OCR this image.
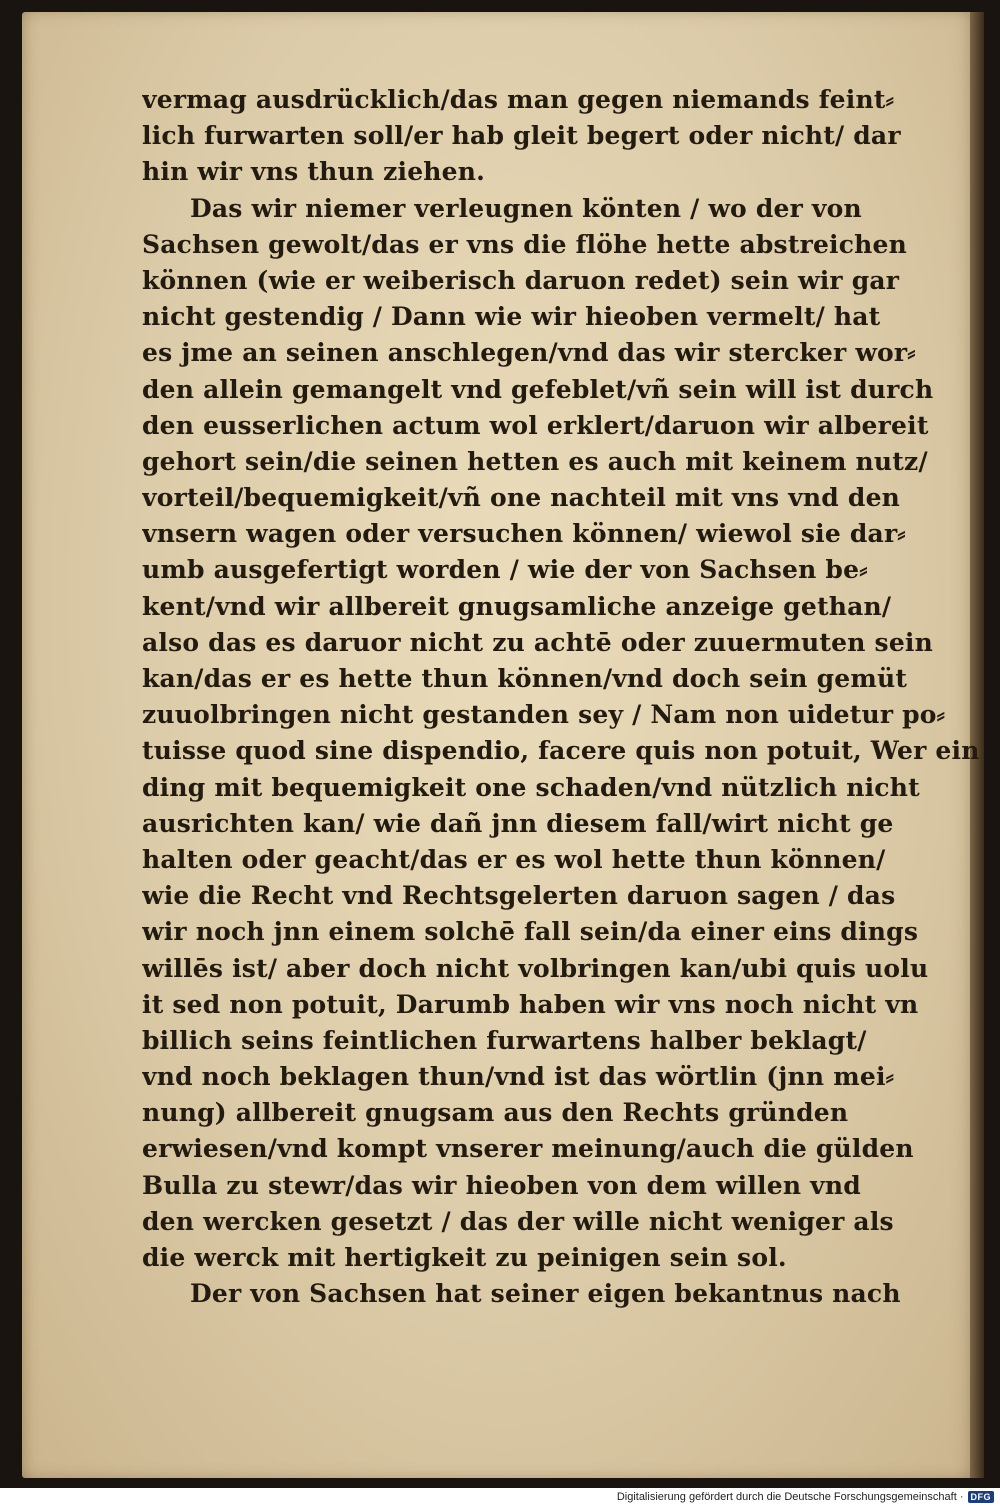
vermag ausdrücklich/das man gegen niemands feint⸗
lich furwarten soll/er hab gleit begert oder nicht/ dar
hin wir vns thun ziehen.
Das wir niemer verleugnen könten / wo der von
Sachsen gewolt/das er vns die flöhe hette abstreichen
können (wie er weiberisch daruon redet) sein wir gar
nicht gestendig / Dann wie wir hieoben vermelt/ hat
es jme an seinen anschlegen/vnd das wir stercker wor⸗
den allein gemangelt vnd gefeblet/vñ sein will ist durch
den eusserlichen actum wol erklert/daruon wir albereit
gehort sein/die seinen hetten es auch mit keinem nutz/
vorteil/bequemigkeit/vñ one nachteil mit vns vnd den
vnsern wagen oder versuchen können/ wiewol sie dar⸗
umb ausgefertigt worden / wie der von Sachsen be⸗
kent/vnd wir allbereit gnugsamliche anzeige gethan/
also das es daruor nicht zu achtē oder zuuermuten sein
kan/das er es hette thun können/vnd doch sein gemüt
zuuolbringen nicht gestanden sey / Nam non uidetur po⸗
tuisse quod sine dispendio, facere quis non potuit, Wer ein
ding mit bequemigkeit one schaden/vnd nützlich nicht
ausrichten kan/ wie dañ jnn diesem fall/wirt nicht ge
halten oder geacht/das er es wol hette thun können/
wie die Recht vnd Rechtsgelerten daruon sagen / das
wir noch jnn einem solchē fall sein/da einer eins dings
willēs ist/ aber doch nicht volbringen kan/ubi quis uolu
it sed non potuit, Darumb haben wir vns noch nicht vn
billich seins feintlichen furwartens halber beklagt/
vnd noch beklagen thun/vnd ist das wörtlin (jnn mei⸗
nung) allbereit gnugsam aus den Rechts gründen
erwiesen/vnd kompt vnserer meinung/auch die gülden
Bulla zu stewr/das wir hieoben von dem willen vnd
den wercken gesetzt / das der wille nicht weniger als
die werck mit hertigkeit zu peinigen sein sol.
Der von Sachsen hat seiner eigen bekantnus nach
Digitalisierung gefördert durch die Deutsche Forschungsgemeinschaft · DFG
